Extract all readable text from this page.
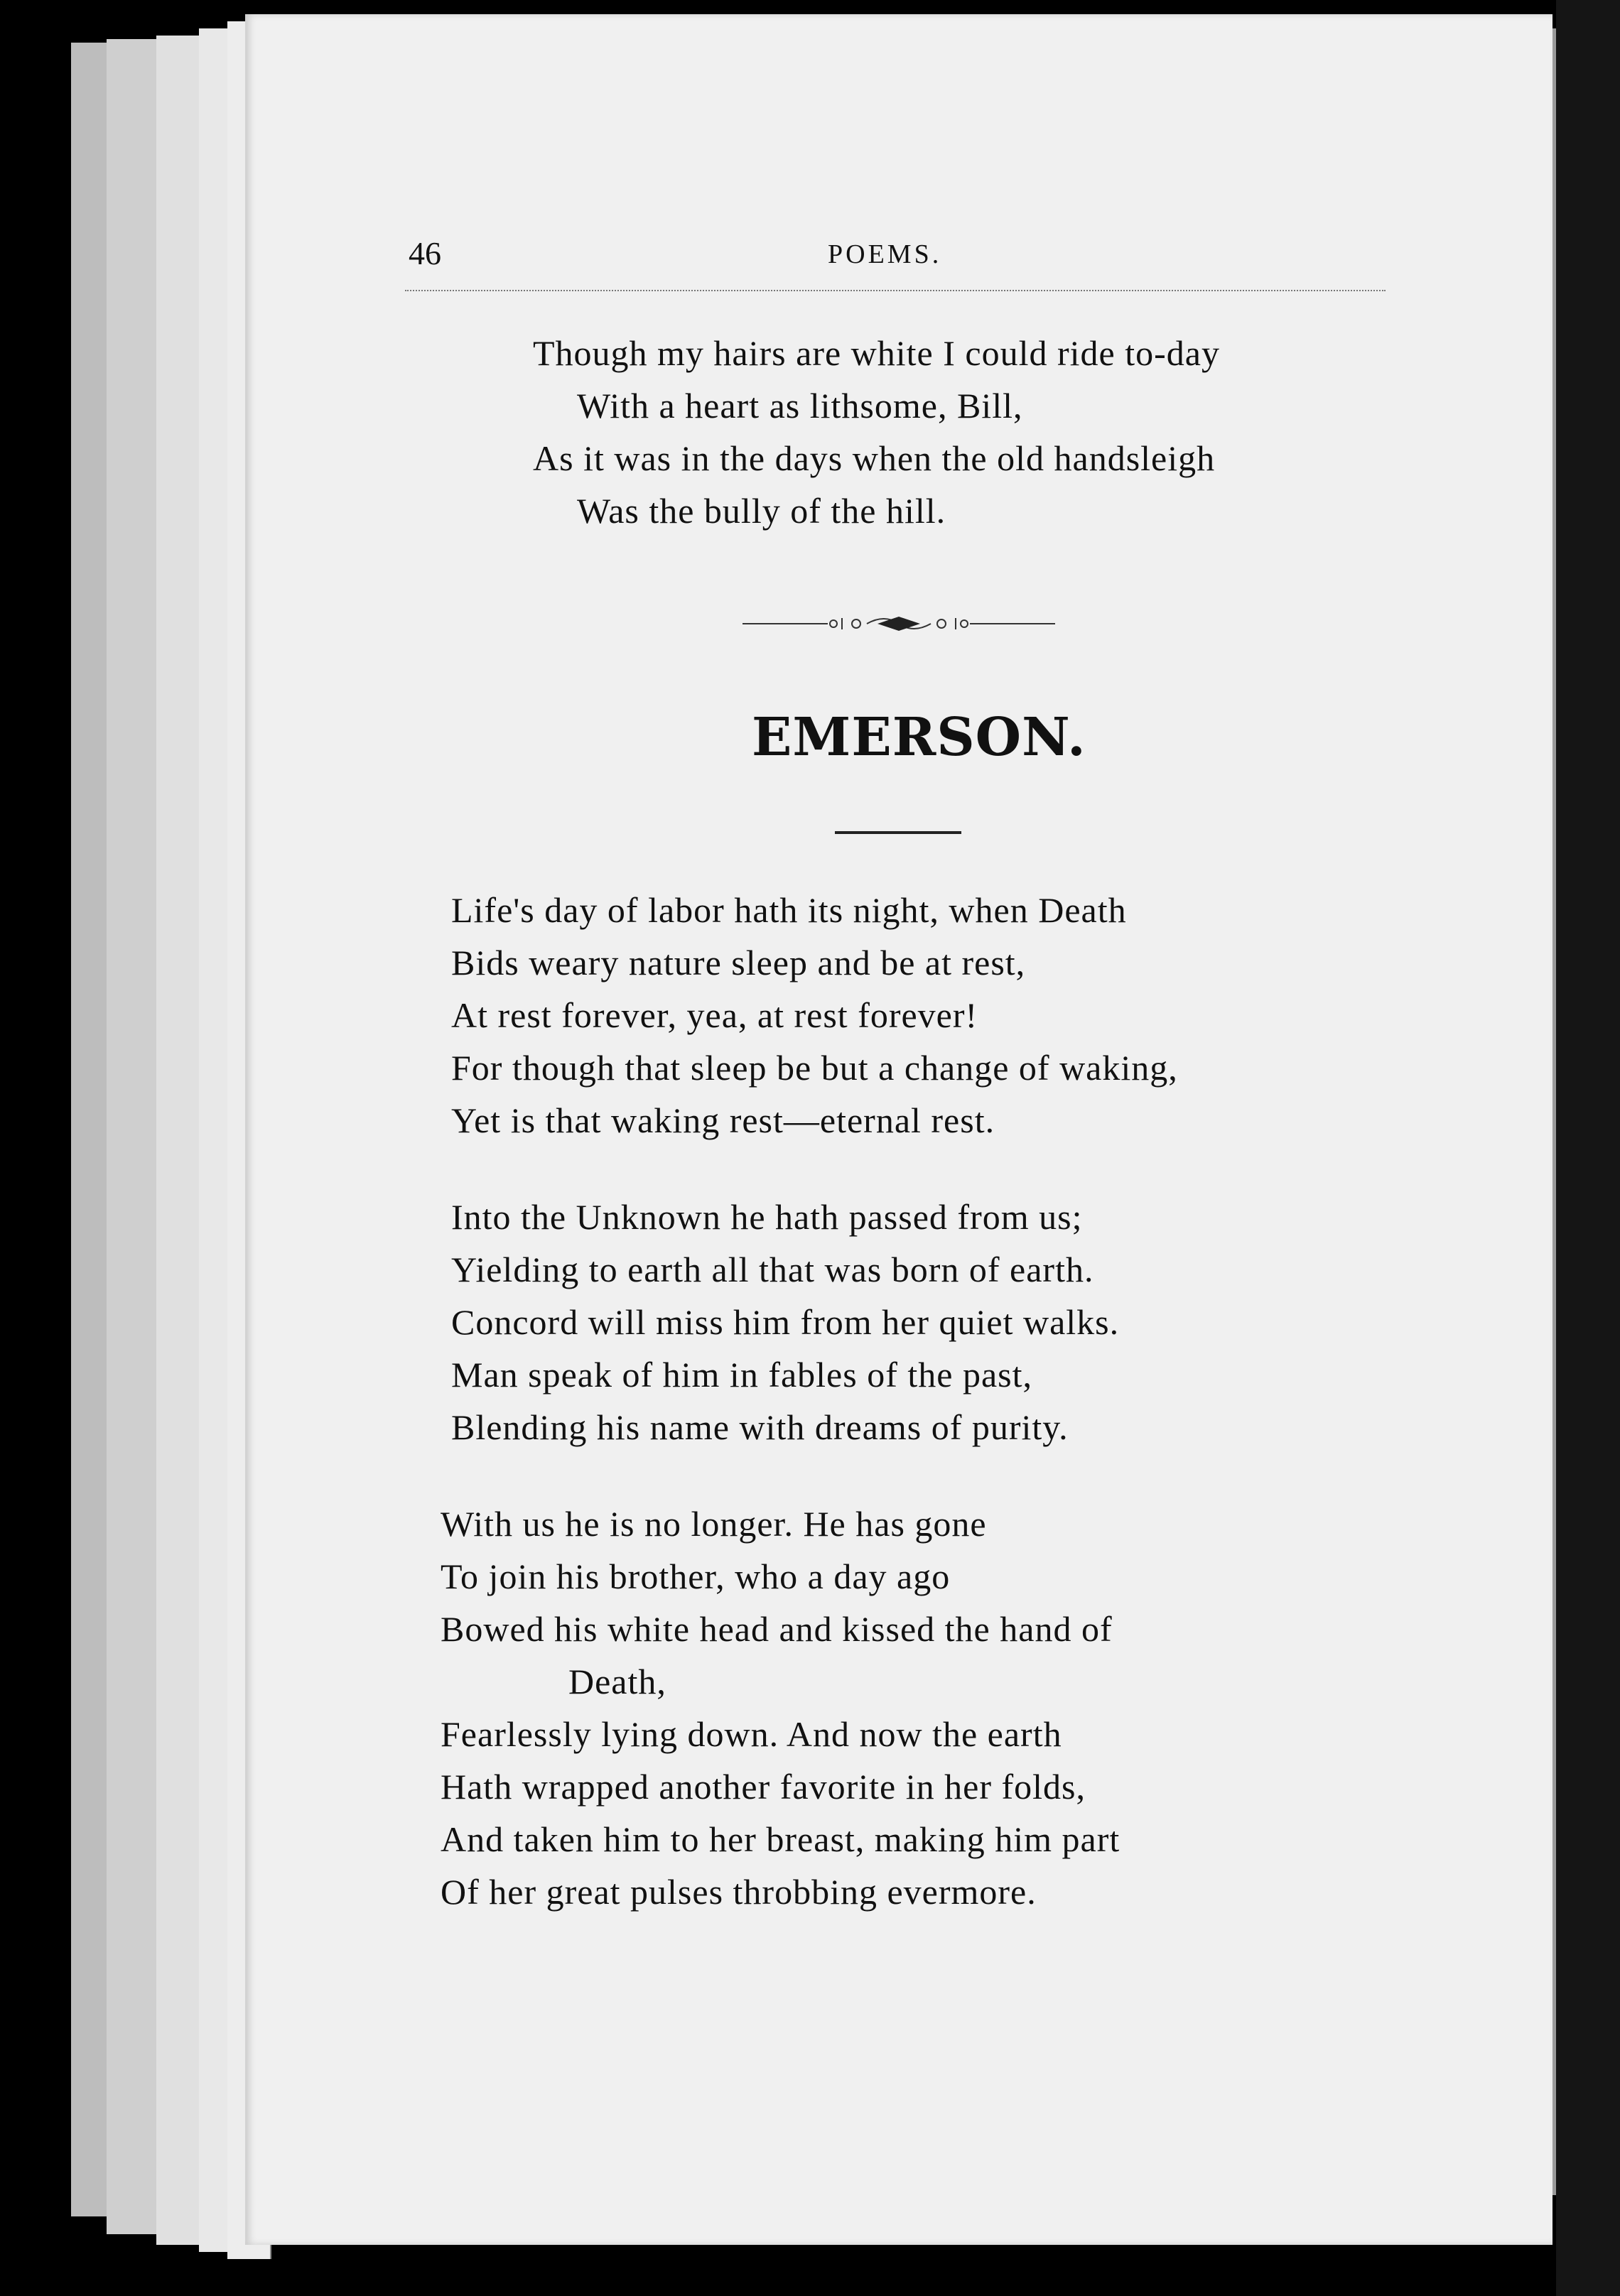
46	POEMS.
Though my hairs are white I could ride to-day
With a heart as lithsome, Bill,
As it was in the days when the old handsleigh
Was the bully of the hill.
EMERSON.
Life's day of labor hath its night, when Death
Bids weary nature sleep and be at rest,
At rest forever, yea, at rest forever!
For though that sleep be but a change of waking,
Yet is that waking rest—eternal rest.
Into the Unknown he hath passed from us;
Yielding to earth all that was born of earth.
Concord will miss him from her quiet walks.
Man speak of him in fables of the past,
Blending his name with dreams of purity.
With us he is no longer. He has gone
To join his brother, who a day ago
Bowed his white head and kissed the hand of
Death,
Fearlessly lying down. And now the earth
Hath wrapped another favorite in her folds,
And taken him to her breast, making him part
Of her great pulses throbbing evermore.
